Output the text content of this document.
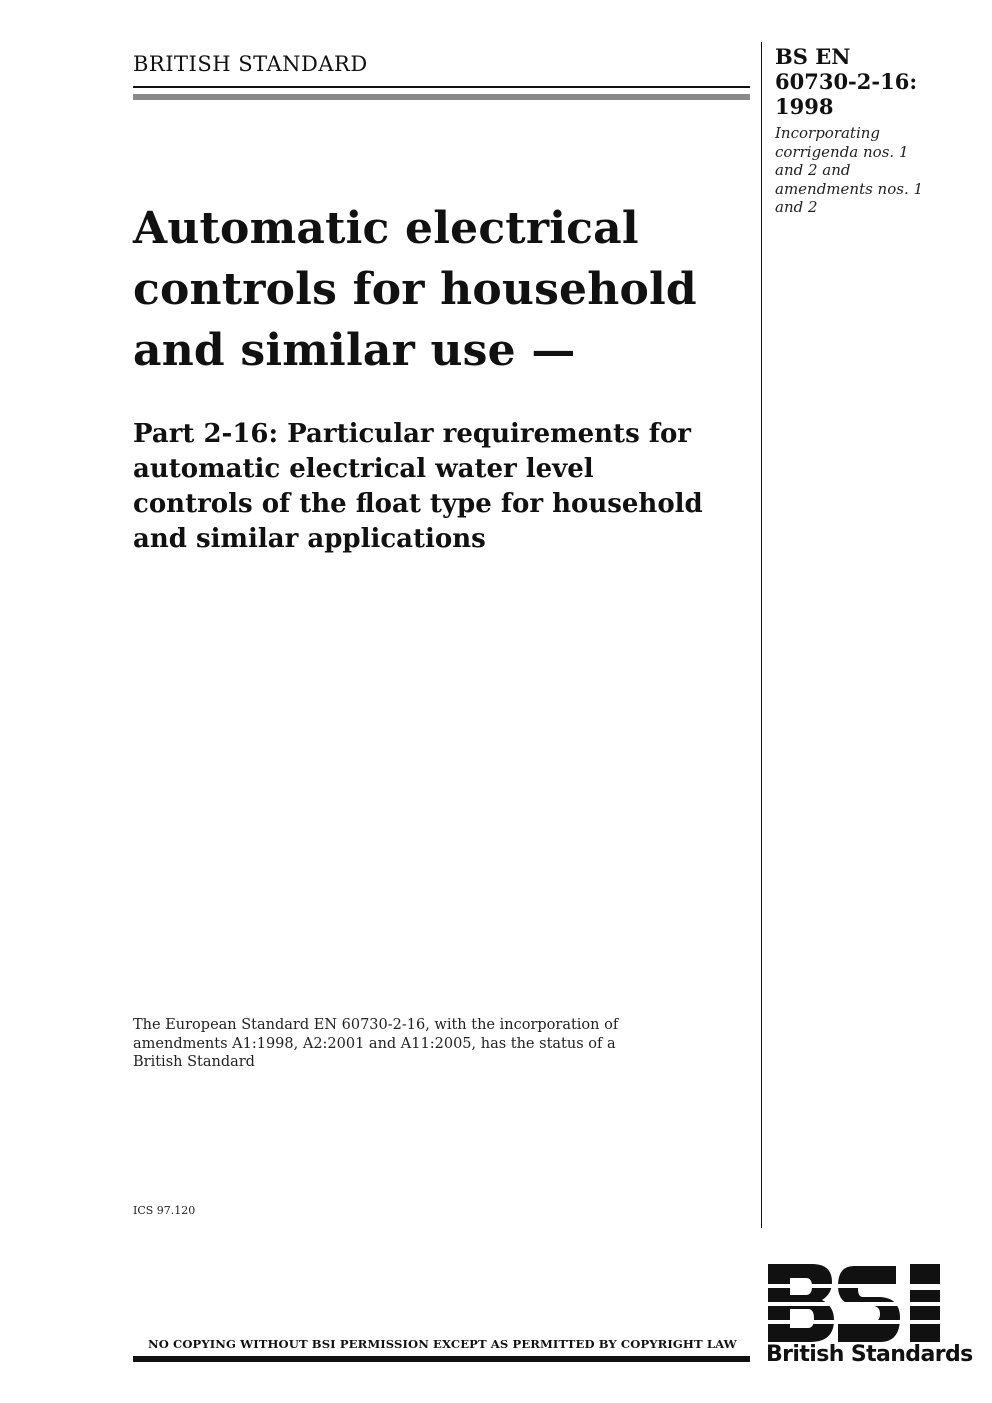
BRITISH STANDARD	BS EN
60730-2-16:
1998
Incorporating
corrigenda nos. 1
and 2 and
amendments nos. 1
and 2
Automatic electrical
controls for household
and similar use —
Part 2-16: Particular requirements for
automatic electrical water level
controls of the float type for household
and similar applications
The European Standard EN 60730-2-16, with the incorporation of
amendments A1:1998, A2:2001 and A11:2005, has the status of a
British Standard
ICS 97.120
NO COPYING WITHOUT BSI PERMISSION EXCEPT AS PERMITTED BY COPYRIGHT LAW British Standards
